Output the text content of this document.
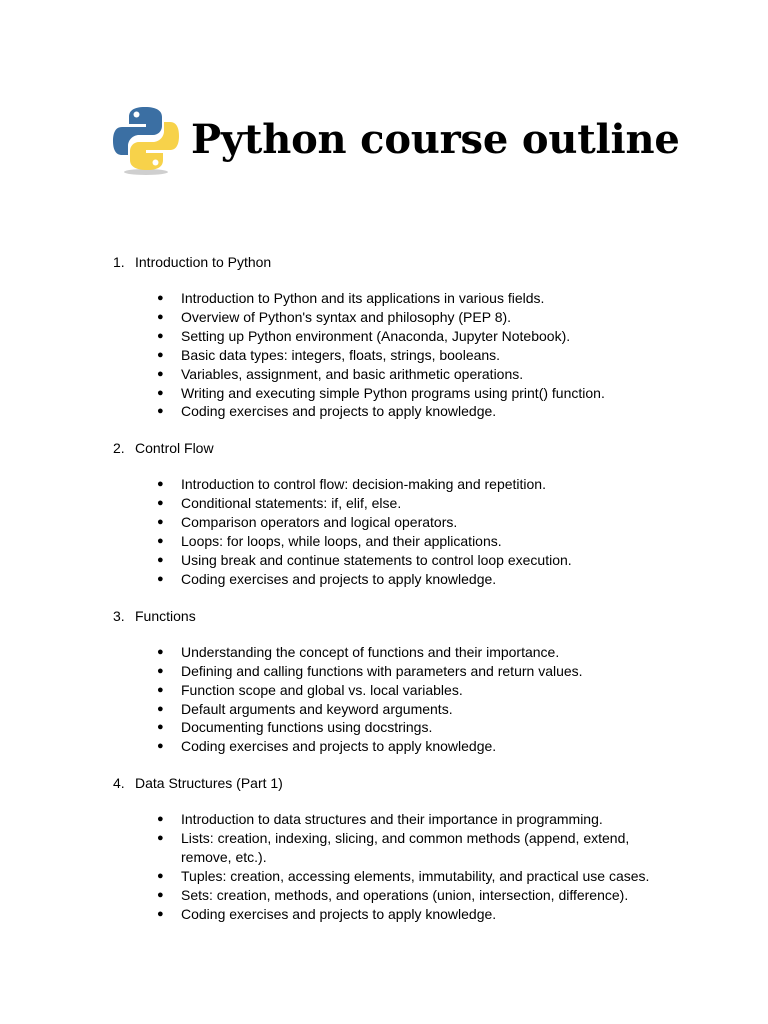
Python course outline
1. Introduction to Python
● Introduction to Python and its applications in various fields.
● Overview of Python's syntax and philosophy (PEP 8).
● Setting up Python environment (Anaconda, Jupyter Notebook).
● Basic data types: integers, floats, strings, booleans.
● Variables, assignment, and basic arithmetic operations.
● Writing and executing simple Python programs using print() function.
● Coding exercises and projects to apply knowledge.
2. Control Flow
● Introduction to control flow: decision-making and repetition.
● Conditional statements: if, elif, else.
● Comparison operators and logical operators.
● Loops: for loops, while loops, and their applications.
● Using break and continue statements to control loop execution.
● Coding exercises and projects to apply knowledge.
3. Functions
● Understanding the concept of functions and their importance.
● Defining and calling functions with parameters and return values.
● Function scope and global vs. local variables.
● Default arguments and keyword arguments.
● Documenting functions using docstrings.
● Coding exercises and projects to apply knowledge.
4. Data Structures (Part 1)
● Introduction to data structures and their importance in programming.
● Lists: creation, indexing, slicing, and common methods (append, extend, remove, etc.).
● Tuples: creation, accessing elements, immutability, and practical use cases.
● Sets: creation, methods, and operations (union, intersection, difference).
● Coding exercises and projects to apply knowledge.
